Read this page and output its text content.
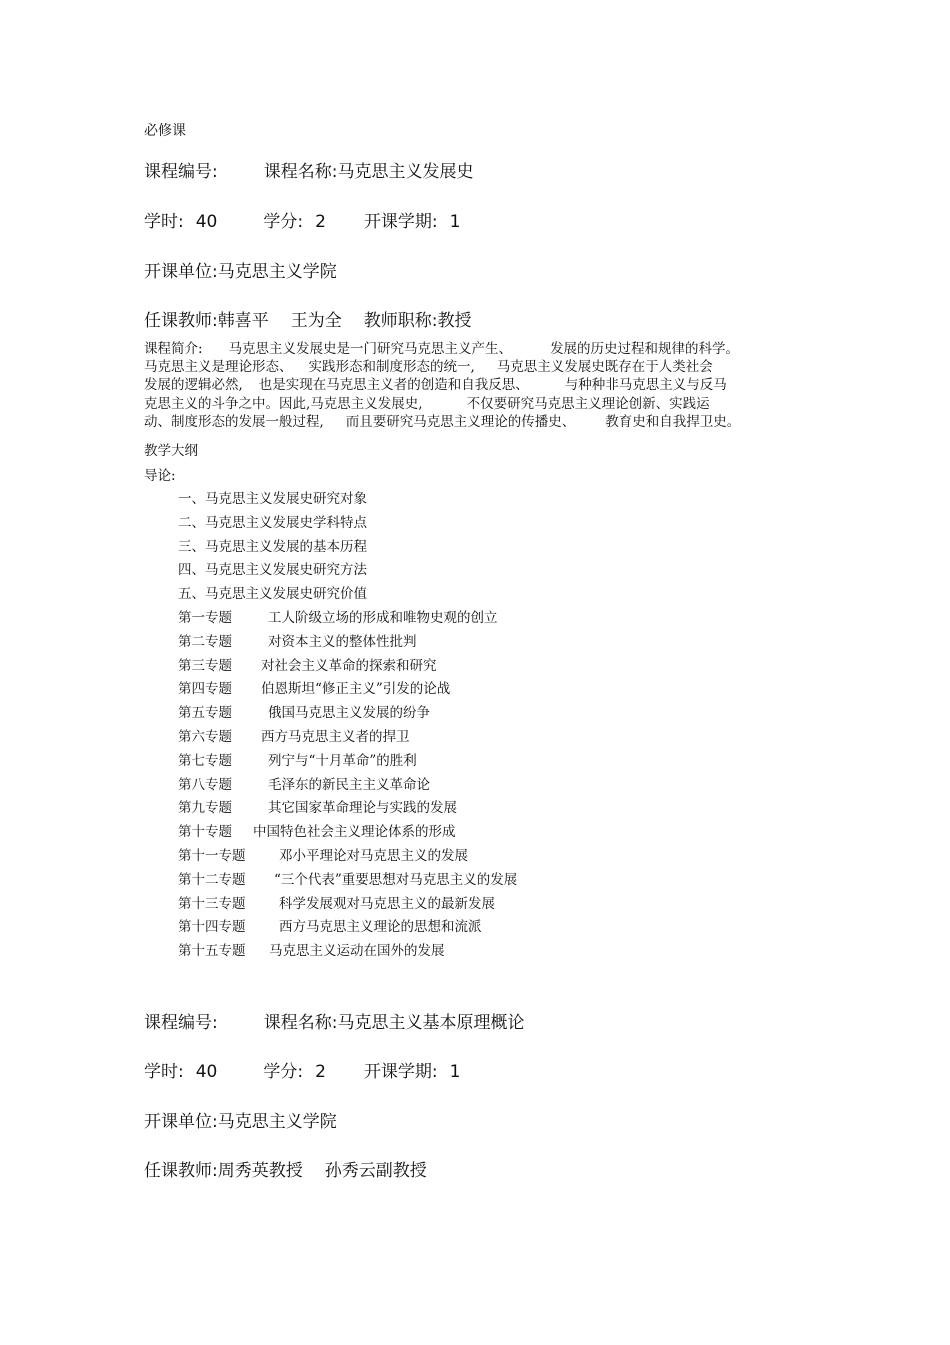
必修课
课程编号:	课程名称:马克思主义发展史
学时: 40	学分: 2 开课学期: 1
开课单位:马克思主义学院
任课教师:韩喜平 王为全 教师职称:教授
课程简介: 马克思主义发展史是一门研究马克思主义产生、	发展的历史过程和规律的科学。
马克思主义是理论形态、 实践形态和制度形态的统一, 马克思主义发展史既存在于人类社会
发展的逻辑必然, 也是实现在马克思主义者的创造和自我反思、	与种种非马克思主义与反马
克思主义的斗争之中。因此,马克思主义发展史,	不仅要研究马克思主义理论创新、实践运
动、制度形态的发展一般过程, 而且要研究马克思主义理论的传播史、 教育史和自我捍卫史。
教学大纲
导论:
一、马克思主义发展史研究对象
二、马克思主义发展史学科特点
三、马克思主义发展的基本历程
四、马克思主义发展史研究方法
五、马克思主义发展史研究价值
第一专题	工人阶级立场的形成和唯物史观的创立
第二专题	对资本主义的整体性批判
第三专题 对社会主义革命的探索和研究
第四专题 伯恩斯坦“修正主义”引发的论战
第五专题	俄国马克思主义发展的纷争
第六专题 西方马克思主义者的捍卫
第七专题	列宁与“十月革命”的胜利
第八专题	毛泽东的新民主主义革命论
第九专题	其它国家革命理论与实践的发展
第十专题 中国特色社会主义理论体系的形成
第十一专题 邓小平理论对马克思主义的发展
第十二专题 “三个代表”重要思想对马克思主义的发展
第十三专题 科学发展观对马克思主义的最新发展
第十四专题 西方马克思主义理论的思想和流派
第十五专题 马克思主义运动在国外的发展
课程编号:	课程名称:马克思主义基本原理概论
学时: 40	学分: 2 开课学期: 1
开课单位:马克思主义学院
任课教师:周秀英教授 孙秀云副教授
